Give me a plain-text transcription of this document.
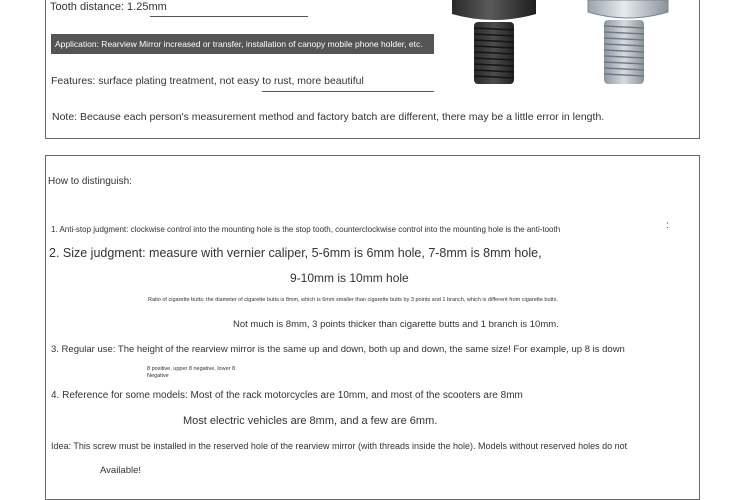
Tooth distance: 1.25mm
Application: Rearview Mirror increased or transfer, installation of canopy mobile phone holder, etc.
Features: surface plating treatment, not easy to rust, more beautiful
Note: Because each person's measurement method and factory batch are different, there may be a little error in length.
How to distinguish:
1. Anti-stop judgment: clockwise control into the mounting hole is the stop tooth, counterclockwise control into the mounting hole is the anti-tooth	:
2. Size judgment: measure with vernier caliper, 5-6mm is 6mm hole, 7-8mm is 8mm hole,
9-10mm is 10mm hole
Ratio of cigarette butts: the diameter of cigarette butts is 8mm, which is 6mm smaller than cigarette butts by 3 points and 1 branch, which is different from cigarette butts.
Not much is 8mm, 3 points thicker than cigarette butts and 1 branch is 10mm.
3. Regular use: The height of the rearview mirror is the same up and down, both up and down, the same size! For example, up 8 is down
8 positive, upper 8 negative, lower 8
Negative
4. Reference for some models: Most of the rack motorcycles are 10mm, and most of the scooters are 8mm
Most electric vehicles are 8mm, and a few are 6mm.
Idea: This screw must be installed in the reserved hole of the rearview mirror (with threads inside the hole). Models without reserved holes do not
Available!
